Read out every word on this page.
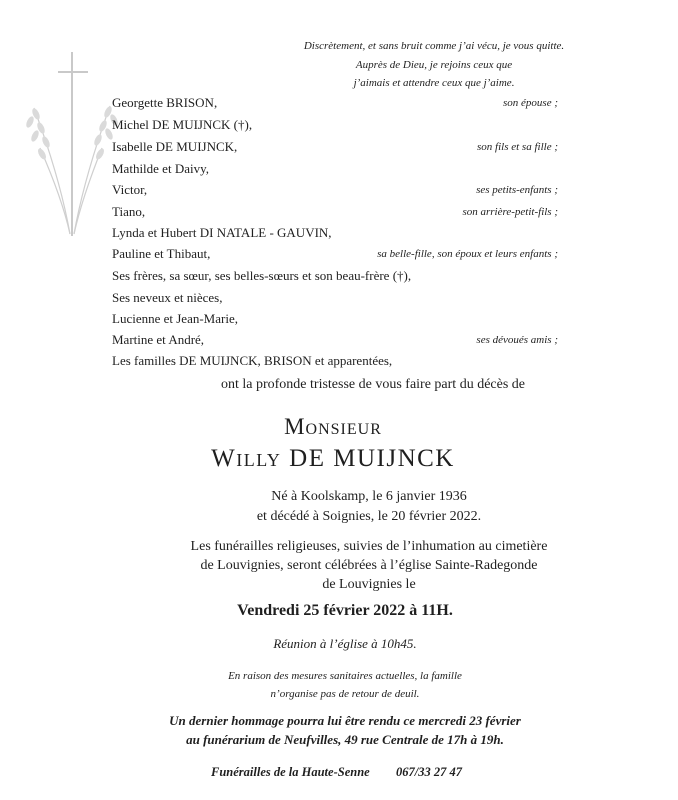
Discrètement, et sans bruit comme j’ai vécu, je vous quitte.
Auprès de Dieu, je rejoins ceux que
j’aimais et attendre ceux que j’aime.
Georgette BRISON,	son épouse ;
Michel DE MUIJNCK (†),
Isabelle DE MUIJNCK,	son fils et sa fille ;
Mathilde et Daivy,
Victor,	ses petits-enfants ;
Tiano,	son arrière-petit-fils ;
Lynda et Hubert DI NATALE - GAUVIN,
Pauline et Thibaut,	sa belle-fille, son époux et leurs enfants ;
Ses frères, sa sœur, ses belles-sœurs et son beau-frère (†),
Ses neveux et nièces,
Lucienne et Jean-Marie,
Martine et André,	ses dévoués amis ;
Les familles DE MUIJNCK, BRISON et apparentées,
ont la profonde tristesse de vous faire part du décès de
Monsieur
Willy DE MUIJNCK
Né à Koolskamp, le 6 janvier 1936
et décédé à Soignies, le 20 février 2022.
Les funérailles religieuses, suivies de l’inhumation au cimetière
de Louvignies, seront célébrées à l’église Sainte-Radegonde
de Louvignies le
Vendredi 25 février 2022 à 11H.
Réunion à l’église à 10h45.
En raison des mesures sanitaires actuelles, la famille
n’organise pas de retour de deuil.
Un dernier hommage pourra lui être rendu ce mercredi 23 février
au funérarium de Neufvilles, 49 rue Centrale de 17h à 19h.
Funérailles de la Haute-Senne 067/33 27 47
